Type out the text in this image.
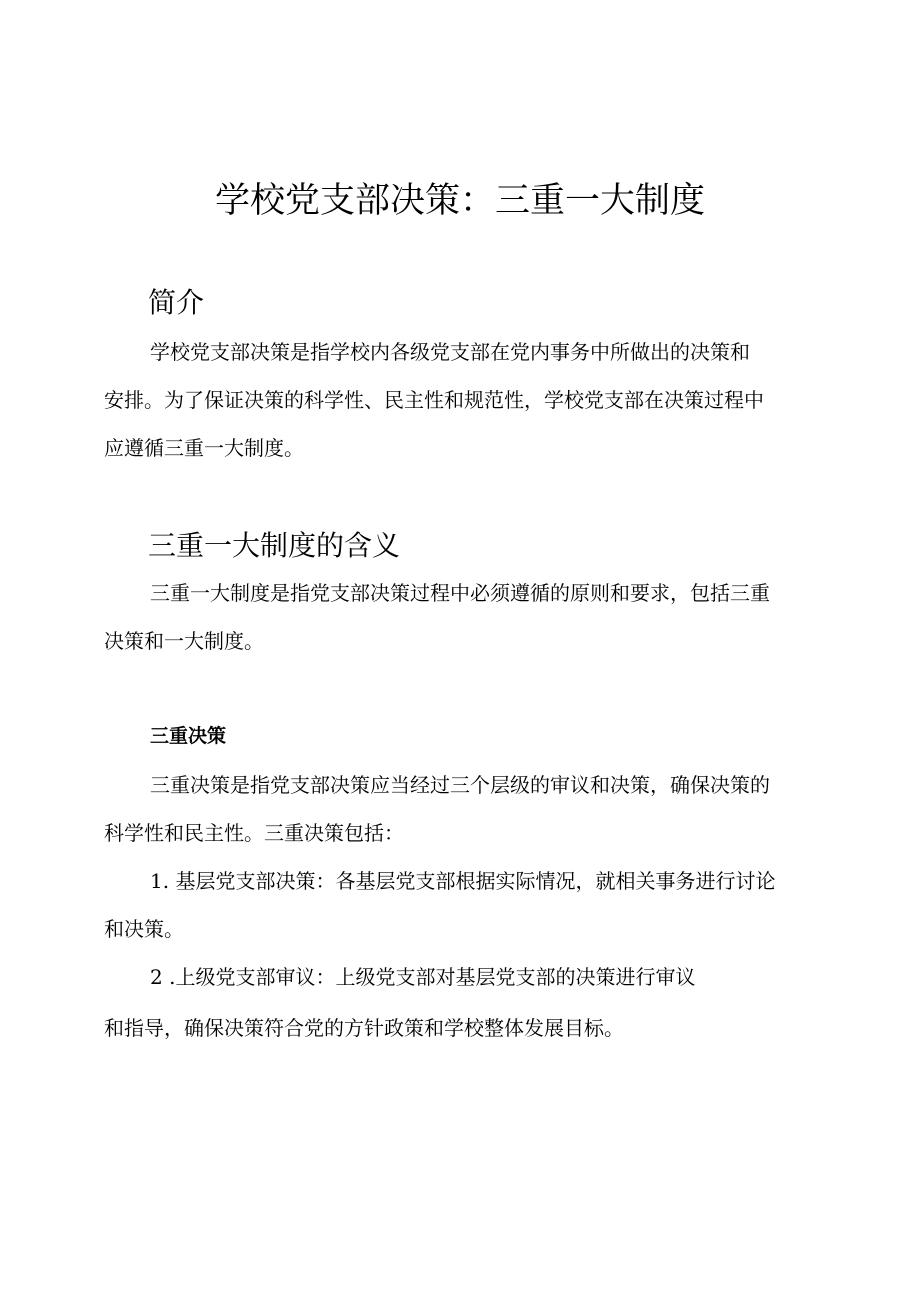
学校党支部决策：三重一大制度
简介
学校党支部决策是指学校内各级党支部在党内事务中所做出的决策和
安排。为了保证决策的科学性、民主性和规范性，学校党支部在决策过程中
应遵循三重一大制度。
三重一大制度的含义
三重一大制度是指党支部决策过程中必须遵循的原则和要求，包括三重
决策和一大制度。
三重决策
三重决策是指党支部决策应当经过三个层级的审议和决策，确保决策的
科学性和民主性。三重决策包括：
1. 基层党支部决策：各基层党支部根据实际情况，就相关事务进行讨论
和决策。
2 .上级党支部审议：上级党支部对基层党支部的决策进行审议
和指导，确保决策符合党的方针政策和学校整体发展目标。
